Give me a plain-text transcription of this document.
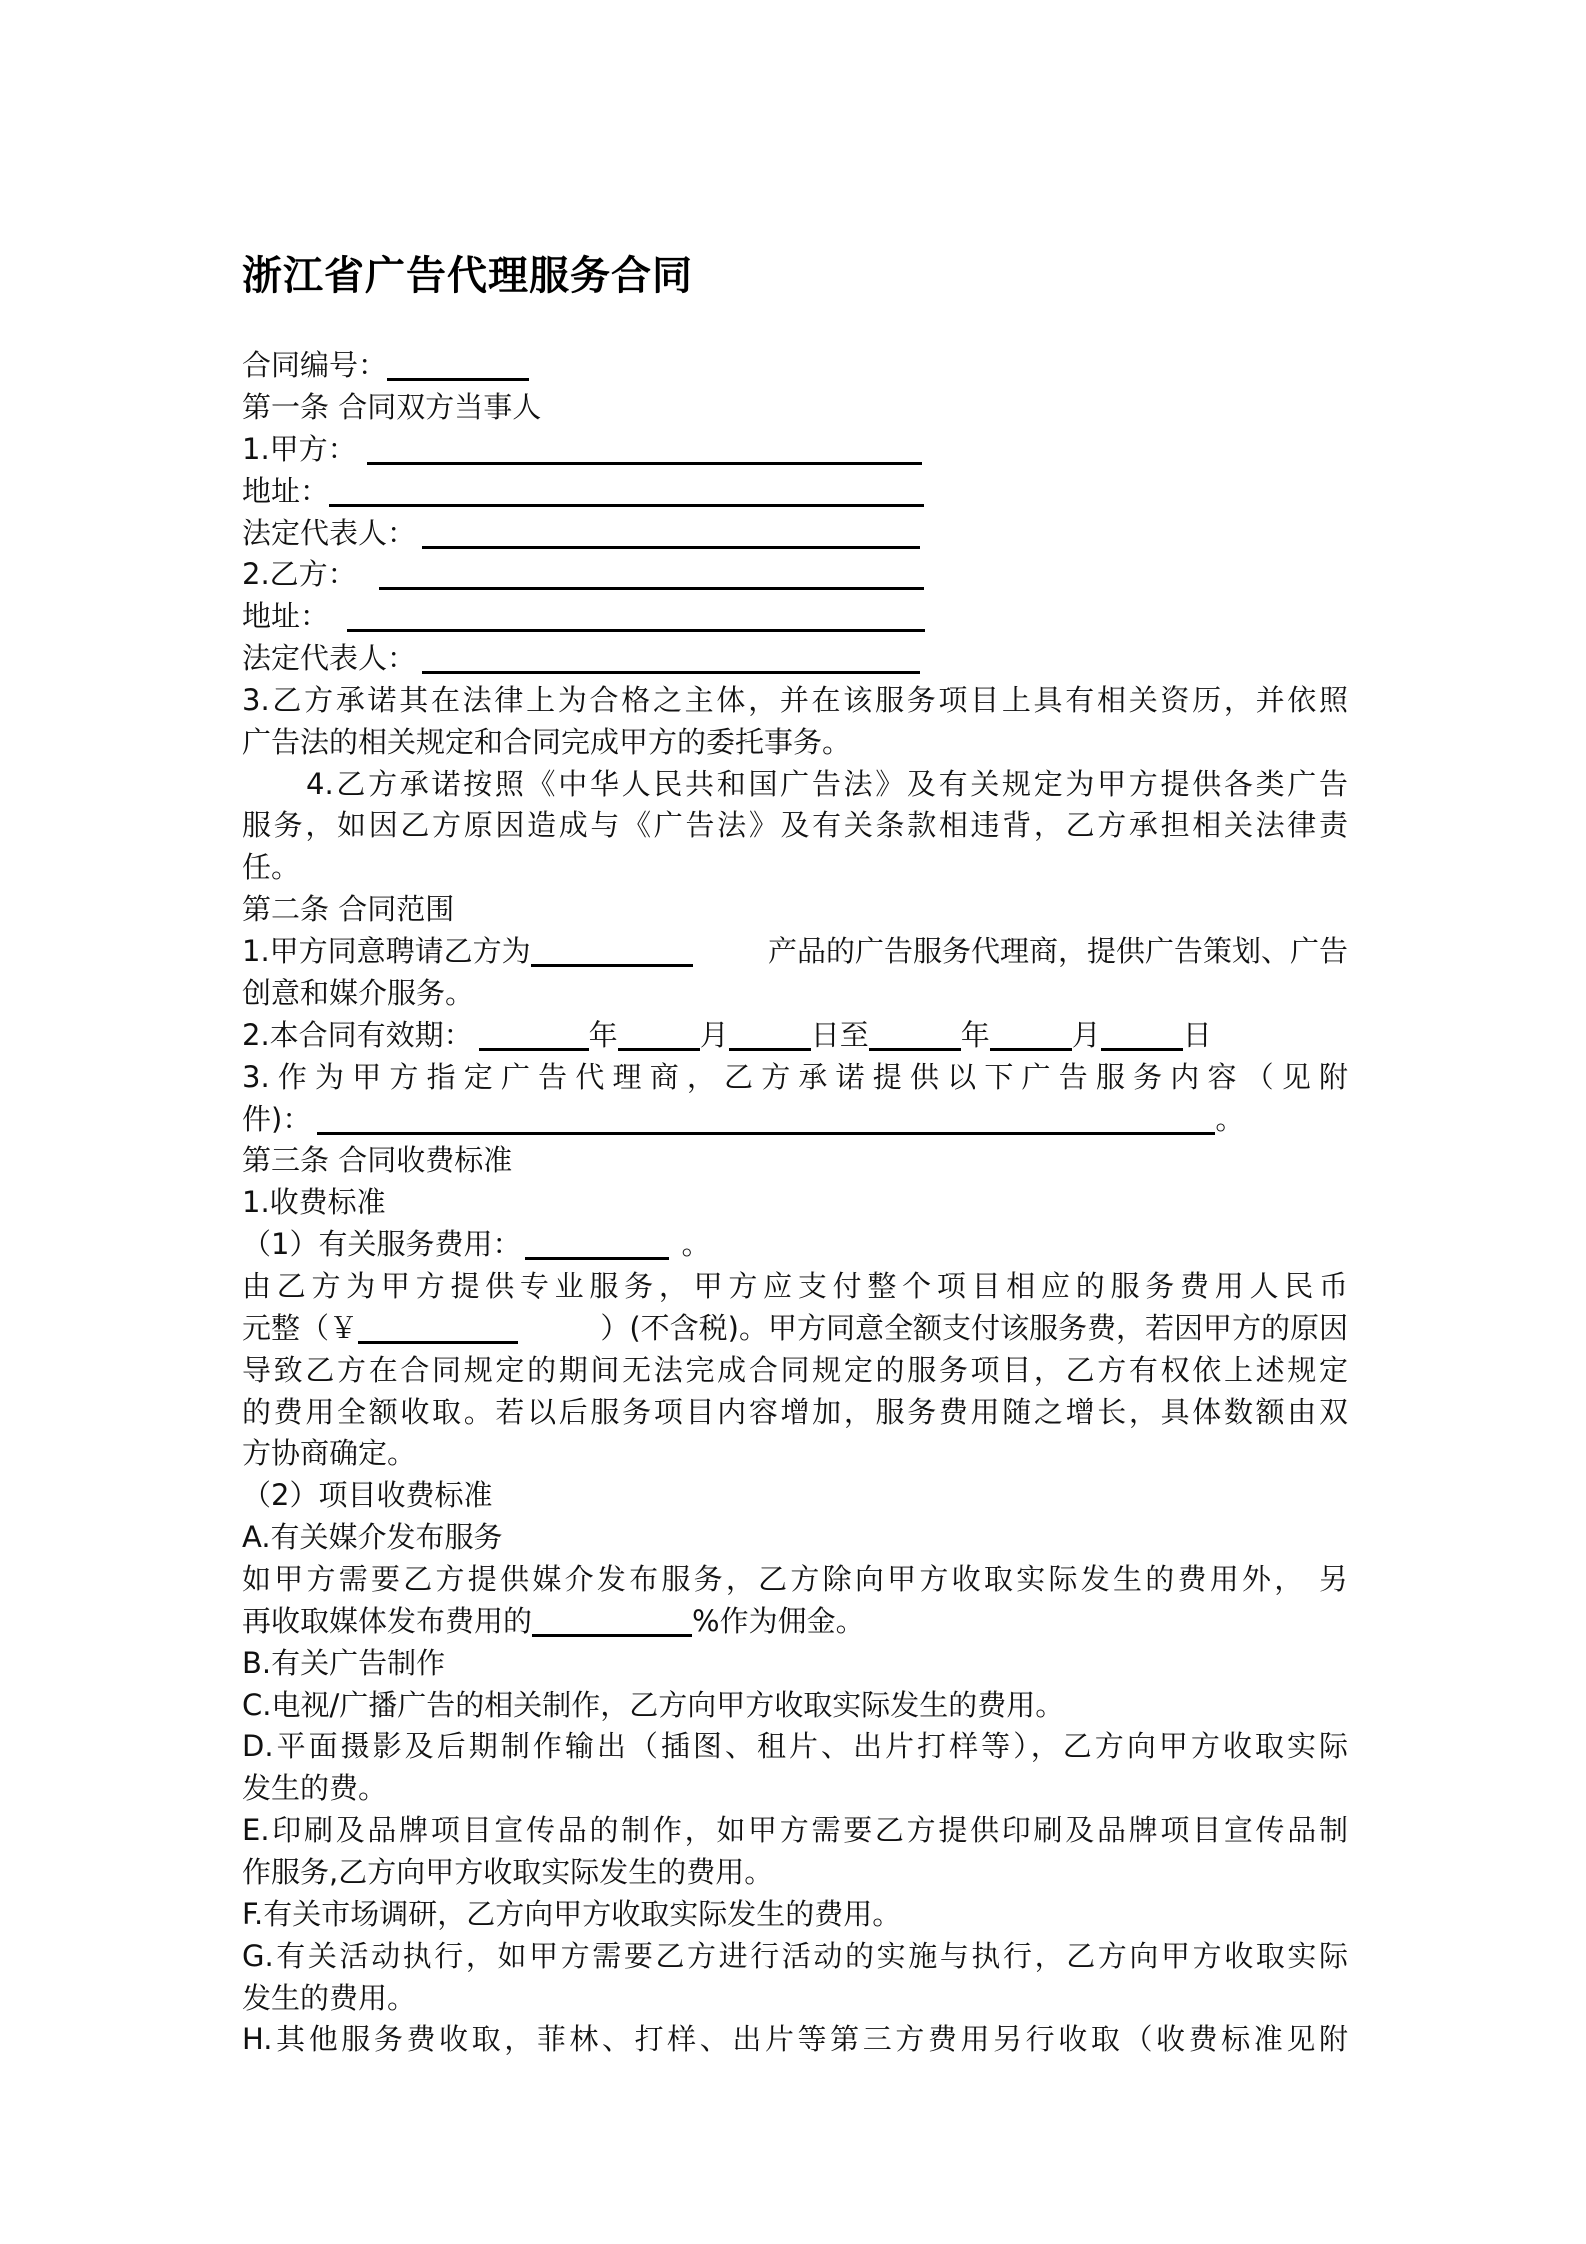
浙江省广告代理服务合同
合同编号：
第一条 合同双方当事人
1.甲方：
地址：
法定代表人：
2.乙方：
地址：
法定代表人：
3.乙方承诺其在法律上为合格之主体，并在该服务项目上具有相关资历，并依照
广告法的相关规定和合同完成甲方的委托事务。
4.乙方承诺按照《中华人民共和国广告法》及有关规定为甲方提供各类广告
服务，如因乙方原因造成与《广告法》及有关条款相违背，乙方承担相关法律责
任。
第二条 合同范围
1.甲方同意聘请乙方为	产品的广告服务代理商，提供广告策划、广告
创意和媒介服务。
2.本合同有效期：	年	月	日至	年	月	日
3.作为甲方指定广告代理商，乙方承诺提供以下广告服务内容（见附
件)：	。
第三条 合同收费标准
1.收费标准
（1）有关服务费用：	。
由乙方为甲方提供专业服务，甲方应支付整个项目相应的服务费用人民币
元整（￥	）(不含税)。甲方同意全额支付该服务费，若因甲方的原因
导致乙方在合同规定的期间无法完成合同规定的服务项目，乙方有权依上述规定
的费用全额收取。若以后服务项目内容增加，服务费用随之增长，具体数额由双
方协商确定。
（2）项目收费标准
A.有关媒介发布服务
如甲方需要乙方提供媒介发布服务，乙方除向甲方收取实际发生的费用外， 另
再收取媒体发布费用的	%作为佣金。
B.有关广告制作
C.电视/广播广告的相关制作，乙方向甲方收取实际发生的费用。
D.平面摄影及后期制作输出（插图、租片、出片打样等），乙方向甲方收取实际
发生的费。
E.印刷及品牌项目宣传品的制作，如甲方需要乙方提供印刷及品牌项目宣传品制
作服务,乙方向甲方收取实际发生的费用。
F.有关市场调研，乙方向甲方收取实际发生的费用。
G.有关活动执行，如甲方需要乙方进行活动的实施与执行，乙方向甲方收取实际
发生的费用。
H.其他服务费收取，菲林、打样、出片等第三方费用另行收取（收费标准见附
